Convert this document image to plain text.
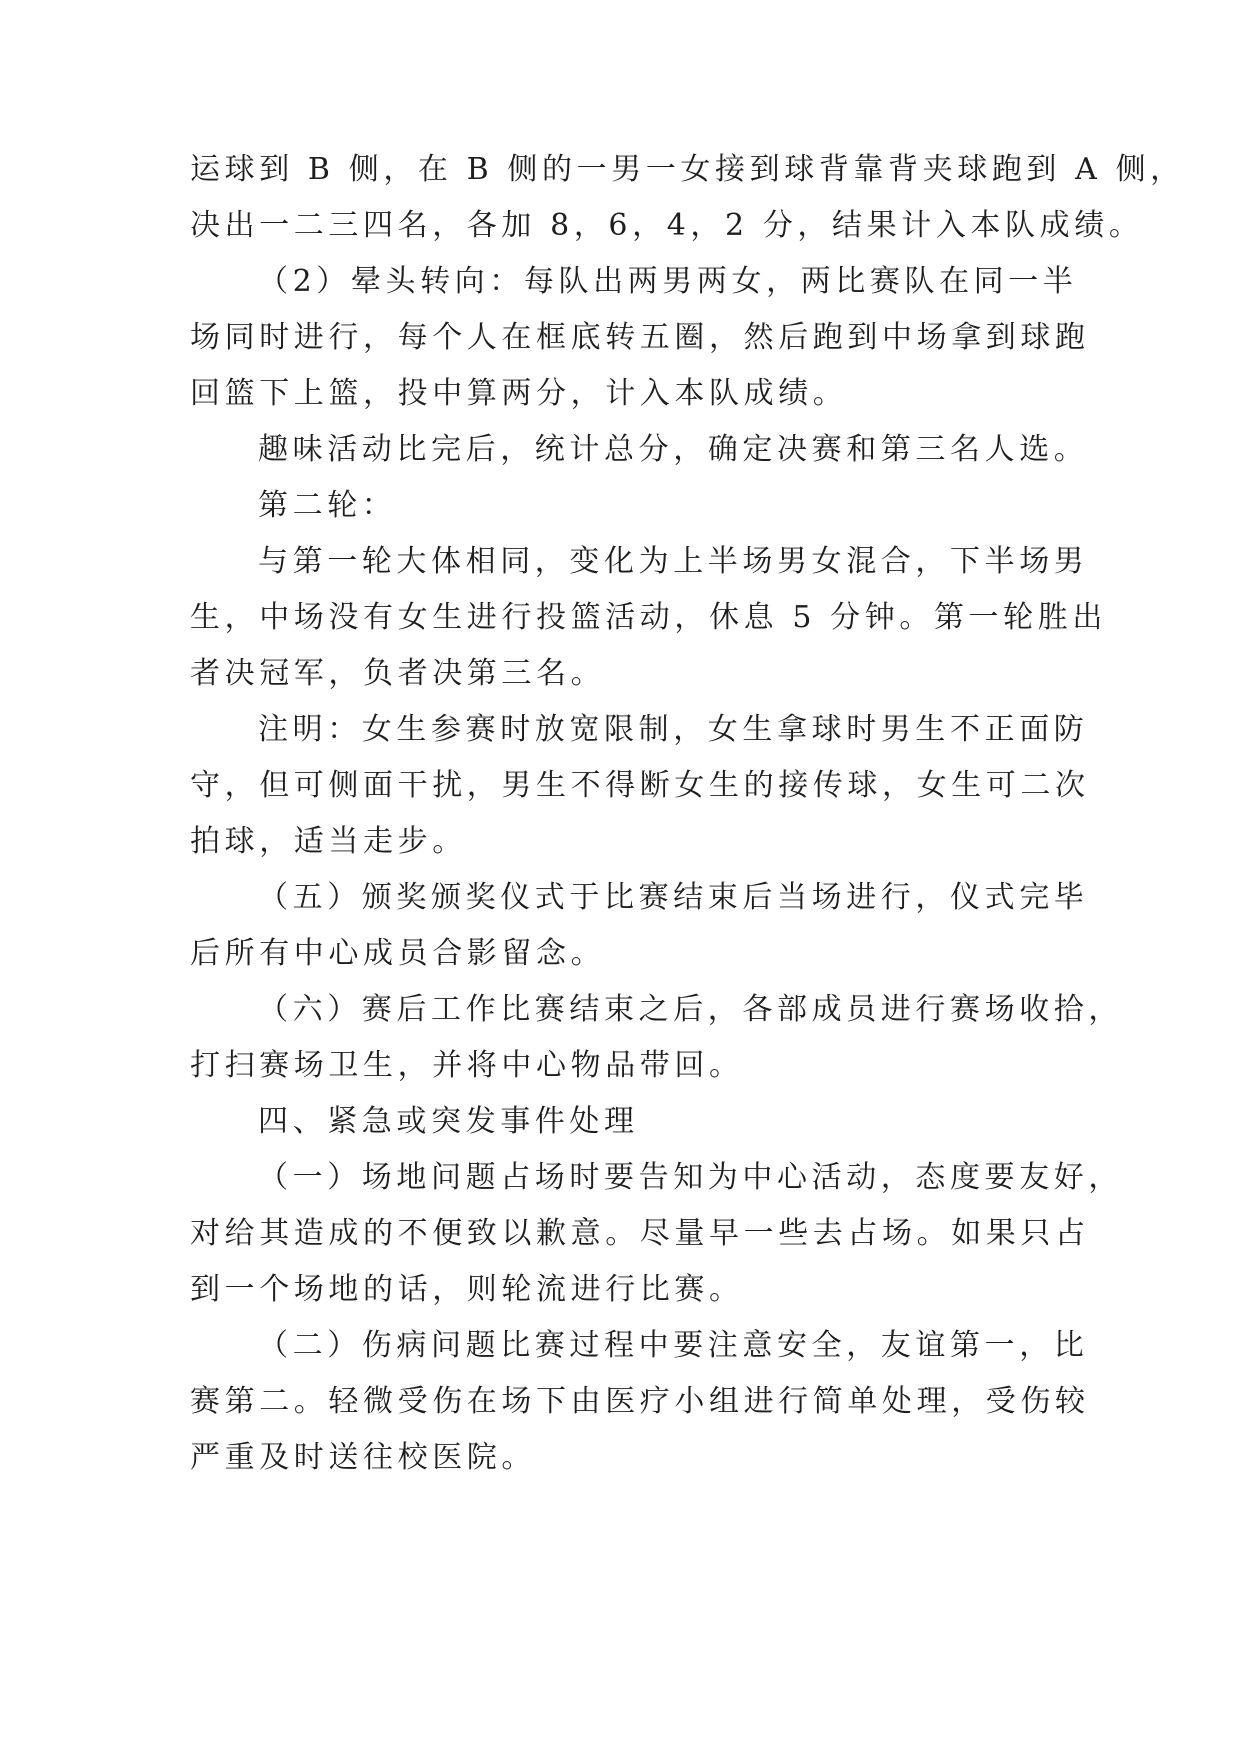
运球到 B 侧，在 B 侧的一男一女接到球背靠背夹球跑到 A 侧，

决出一二三四名，各加 8，6，4，2 分，结果计入本队成绩。

（2）晕头转向：每队出两男两女，两比赛队在同一半

场同时进行，每个人在框底转五圈，然后跑到中场拿到球跑

回篮下上篮，投中算两分，计入本队成绩。

趣味活动比完后，统计总分，确定决赛和第三名人选。

第二轮：

与第一轮大体相同，变化为上半场男女混合，下半场男

生，中场没有女生进行投篮活动，休息 5 分钟。第一轮胜出

者决冠军，负者决第三名。

注明：女生参赛时放宽限制，女生拿球时男生不正面防

守，但可侧面干扰，男生不得断女生的接传球，女生可二次

拍球，适当走步。

（五）颁奖颁奖仪式于比赛结束后当场进行，仪式完毕

后所有中心成员合影留念。

（六）赛后工作比赛结束之后，各部成员进行赛场收拾，

打扫赛场卫生，并将中心物品带回。

四、紧急或突发事件处理

（一）场地问题占场时要告知为中心活动，态度要友好，

对给其造成的不便致以歉意。尽量早一些去占场。如果只占

到一个场地的话，则轮流进行比赛。

（二）伤病问题比赛过程中要注意安全，友谊第一，比

赛第二。轻微受伤在场下由医疗小组进行简单处理，受伤较

严重及时送往校医院。
